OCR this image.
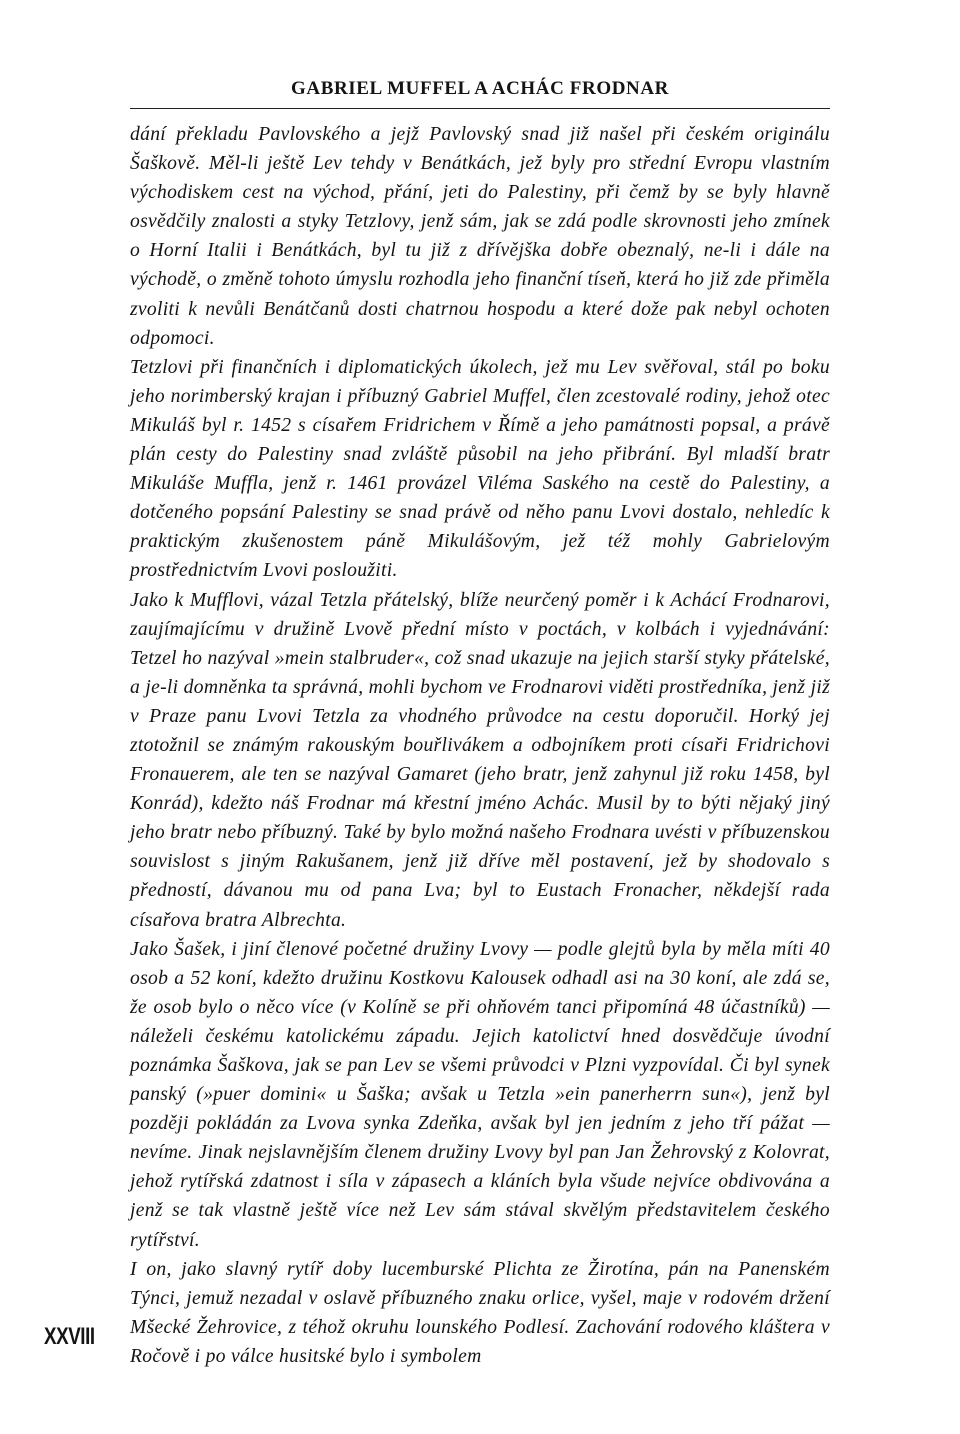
GABRIEL MUFFEL A ACHÁC FRODNAR

dání překladu Pavlovského a jejž Pavlovský snad již našel při českém originálu Šaškově. Měl-li ještě Lev tehdy v Benátkách, jež byly pro střední Evropu vlastním východiskem cest na východ, přání, jeti do Palestiny, při čemž by se byly hlavně osvědčily znalosti a styky Tetzlovy, jenž sám, jak se zdá podle skrovnosti jeho zmínek o Horní Italii i Benátkách, byl tu již z dřívějška dobře obeznalý, ne-li i dále na východě, o změně tohoto úmyslu rozhodla jeho finanční tíseň, která ho již zde přiměla zvoliti k nevůli Benátčanů dosti chatrnou hospodu a které dože pak nebyl ochoten odpomoci.

Tetzlovi při finančních i diplomatických úkolech, jež mu Lev svěřoval, stál po boku jeho norimberský krajan i příbuzný Gabriel Muffel, člen zcestovalé rodiny, jehož otec Mikuláš byl r. 1452 s císařem Fridrichem v Římě a jeho památnosti popsal, a právě plán cesty do Palestiny snad zvláště působil na jeho přibrání. Byl mladší bratr Mikuláše Muffla, jenž r. 1461 provázel Viléma Saského na cestě do Palestiny, a dotčeného popsání Palestiny se snad právě od něho panu Lvovi dostalo, nehledíc k praktickým zkušenostem páně Mikulášovým, jež též mohly Gabrielovým prostřednictvím Lvovi posloužiti.

Jako k Mufflovi, vázal Tetzla přátelský, blíže neurčený poměr i k Achácí Frodnarovi, zaujímajícímu v družině Lvově přední místo v poctách, v kolbách i vyjednávání: Tetzel ho nazýval »mein stalbruder«, což snad ukazuje na jejich starší styky přátelské, a je-li domněnka ta správná, mohli bychom ve Frodnarovi viděti prostředníka, jenž již v Praze panu Lvovi Tetzla za vhodného průvodce na cestu doporučil. Horký jej ztotožnil se známým rakouským bouřlivákem a odbojníkem proti císaři Fridrichovi Fronauerem, ale ten se nazýval Gamaret (jeho bratr, jenž zahynul již roku 1458, byl Konrád), kdežto náš Frodnar má křestní jméno Achác. Musil by to býti nějaký jiný jeho bratr nebo příbuzný. Také by bylo možná našeho Frodnara uvésti v příbuzenskou souvislost s jiným Rakušanem, jenž již dříve měl postavení, jež by shodovalo s předností, dávanou mu od pana Lva; byl to Eustach Fronacher, někdejší rada císařova bratra Albrechta.

Jako Šašek, i jiní členové početné družiny Lvovy — podle glejtů byla by měla míti 40 osob a 52 koní, kdežto družinu Kostkovu Kalousek odhadl asi na 30 koní, ale zdá se, že osob bylo o něco více (v Kolíně se při ohňovém tanci připomíná 48 účastníků) — náleželi českému katolickému západu. Jejich katolictví hned dosvědčuje úvodní poznámka Šaškova, jak se pan Lev se všemi průvodci v Plzni vyzpovídal. Či byl synek panský (»puer domini« u Šaška; avšak u Tetzla »ein panerherrn sun«), jenž byl později pokládán za Lvova synka Zdeňka, avšak byl jen jedním z jeho tří pážat — nevíme. Jinak nejslavnějším členem družiny Lvovy byl pan Jan Žehrovský z Kolovrat, jehož rytířská zdatnost i síla v zápasech a kláních byla všude nejvíce obdivována a jenž se tak vlastně ještě více než Lev sám stával skvělým představitelem českého rytířství.

I on, jako slavný rytíř doby lucemburské Plichta ze Žirotína, pán na Panenském Týnci, jemuž nezadal v oslavě příbuzného znaku orlice, vyšel, maje v rodovém držení Mšecké Žehrovice, z téhož okruhu lounského Podlesí. Zachování rodového kláštera v Ročově i po válce husitské bylo i symbolem

XXVIII
